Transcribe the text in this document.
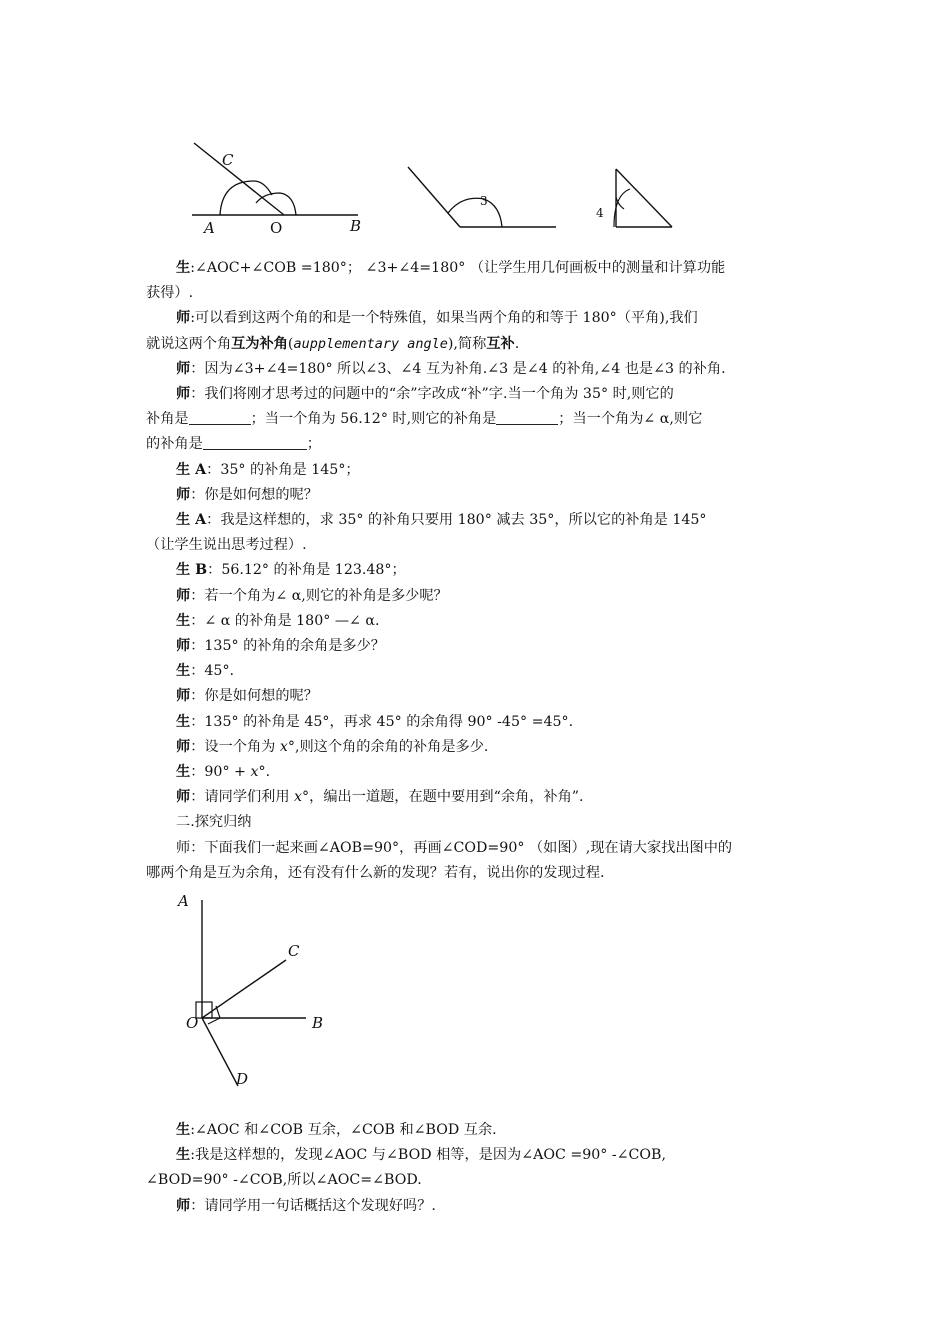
C
A	O	B
3
4
A
C
O	B
D
生:∠AOC+∠COB =180°； ∠3+∠4=180° （让学生用几何画板中的测量和计算功能
获得）.
师:可以看到这两个角的和是一个特殊值，如果当两个角的和等于 180°（平角),我们
就说这两个角互为补角(aupplementary angle),简称互补.
师：因为∠3+∠4=180° 所以∠3、∠4 互为补角.∠3 是∠4 的补角,∠4 也是∠3 的补角.
师：我们将刚才思考过的问题中的“余”字改成“补”字.当一个角为 35° 时,则它的
补角是	；当一个角为 56.12° 时,则它的补角是	；当一个角为∠ α,则它
的补角是	；
生 A：35° 的补角是 145°；
师：你是如何想的呢？
生 A：我是这样想的，求 35° 的补角只要用 180° 减去 35°，所以它的补角是 145°
（让学生说出思考过程）.
生 B：56.12° 的补角是 123.48°；
师：若一个角为∠ α,则它的补角是多少呢？
生：∠ α 的补角是 180° —∠ α.
师：135° 的补角的余角是多少？
生：45°.
师：你是如何想的呢？
生：135° 的补角是 45°，再求 45° 的余角得 90° -45° =45°.
师：设一个角为 x°,则这个角的余角的补角是多少.
生：90° + x°.
师：请同学们利用 x°，编出一道题，在题中要用到“余角，补角”.
二.探究归纳
师：下面我们一起来画∠AOB=90°，再画∠COD=90° （如图）,现在请大家找出图中的
哪两个角是互为余角，还有没有什么新的发现？若有，说出你的发现过程.
生:∠AOC 和∠COB 互余，∠COB 和∠BOD 互余.
生:我是这样想的，发现∠AOC 与∠BOD 相等，是因为∠AOC =90° -∠COB,
∠BOD=90° -∠COB,所以∠AOC=∠BOD.
师：请同学用一句话概括这个发现好吗？.
